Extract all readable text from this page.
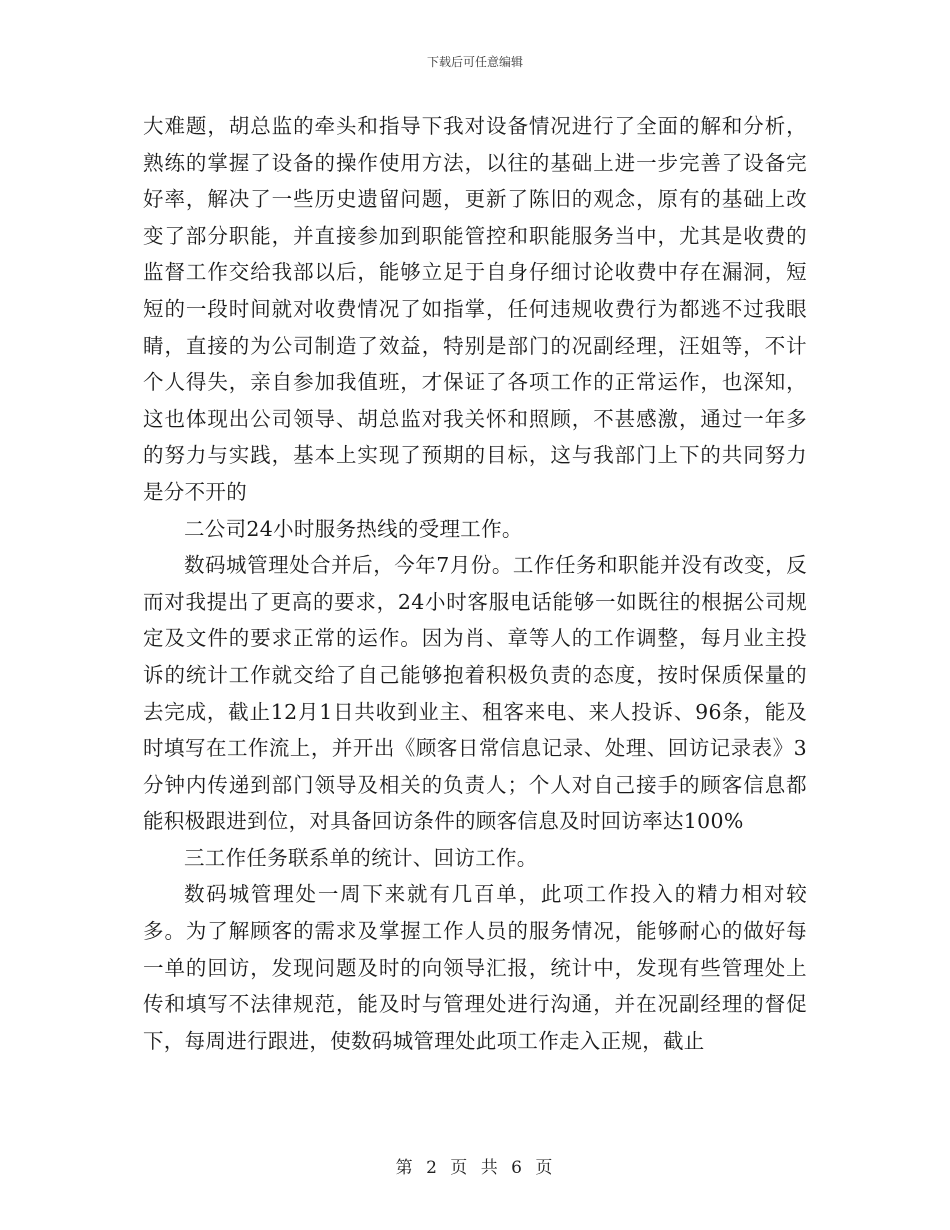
下载后可任意编辑

大难题，胡总监的牵头和指导下我对设备情况进行了全面的解和分析，熟练的掌握了设备的操作使用方法，以往的基础上进一步完善了设备完好率，解决了一些历史遗留问题，更新了陈旧的观念，原有的基础上改变了部分职能，并直接参加到职能管控和职能服务当中，尤其是收费的监督工作交给我部以后，能够立足于自身仔细讨论收费中存在漏洞，短短的一段时间就对收费情况了如指掌，任何违规收费行为都逃不过我眼睛，直接的为公司制造了效益，特别是部门的况副经理，汪姐等，不计个人得失，亲自参加我值班，才保证了各项工作的正常运作，也深知，这也体现出公司领导、胡总监对我关怀和照顾，不甚感激，通过一年多的努力与实践，基本上实现了预期的目标，这与我部门上下的共同努力是分不开的

二公司24小时服务热线的受理工作。

数码城管理处合并后，今年7月份。工作任务和职能并没有改变，反而对我提出了更高的要求，24小时客服电话能够一如既往的根据公司规定及文件的要求正常的运作。因为肖、章等人的工作调整，每月业主投诉的统计工作就交给了自己能够抱着积极负责的态度，按时保质保量的去完成，截止12月1日共收到业主、租客来电、来人投诉、96条，能及时填写在工作流上，并开出《顾客日常信息记录、处理、回访记录表》3分钟内传递到部门领导及相关的负责人；个人对自己接手的顾客信息都能积极跟进到位，对具备回访条件的顾客信息及时回访率达100%

三工作任务联系单的统计、回访工作。

数码城管理处一周下来就有几百单，此项工作投入的精力相对较多。为了解顾客的需求及掌握工作人员的服务情况，能够耐心的做好每一单的回访，发现问题及时的向领导汇报，统计中，发现有些管理处上传和填写不法律规范，能及时与管理处进行沟通，并在况副经理的督促下，每周进行跟进，使数码城管理处此项工作走入正规，截止

第 2 页 共 6 页
